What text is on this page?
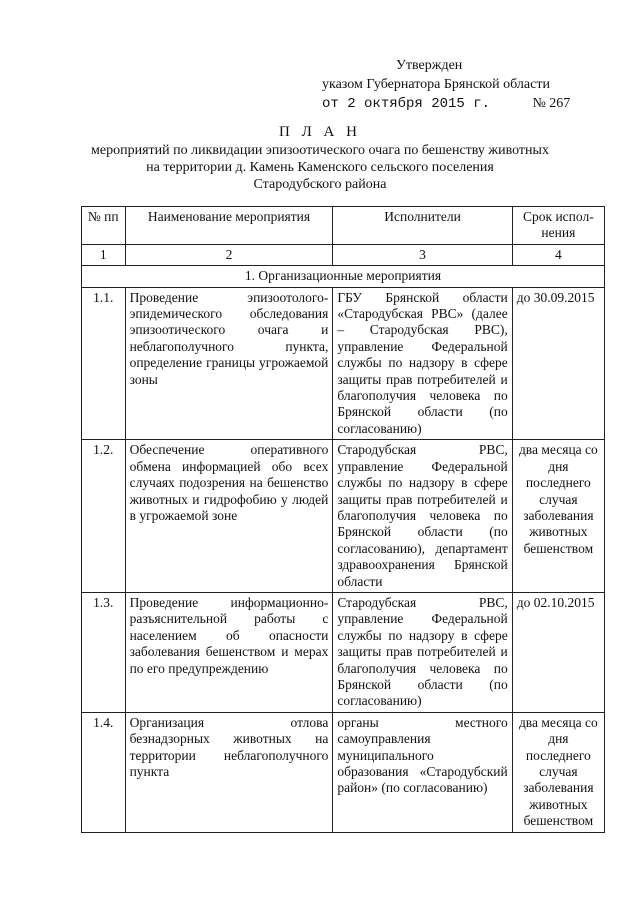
Утвержден
указом Губернатора Брянской области
от 2 октября 2015 г.	№ 267
П Л А Н
мероприятий по ликвидации эпизоотического очага по бешенству животных
на территории д. Камень Каменского сельского поселения
Стародубского района
№ пп	Наименование мероприятия	Исполнители	Срок испол-нения
1	2	3	4
1. Организационные мероприятия			
1.1.	Проведение эпизоотолого-эпидемического обследования эпизоотического очага и неблагополучного пункта, определение границы угрожаемой зоны	ГБУ Брянской области «Стародубская РВС» (далее – Стародубская РВС), управление Федеральной службы по надзору в сфере защиты прав потребителей и благополучия человека по Брянской области (по согласованию)	до 30.09.2015
1.2.	Обеспечение оперативного обмена информацией обо всех случаях подозрения на бешенство животных и гидрофобию у людей в угрожаемой зоне	Стародубская РВС, управление Федеральной службы по надзору в сфере защиты прав потребителей и благополучия человека по Брянской области (по согласованию), департамент здравоохранения Брянской области	два месяца со дня последнего случая заболевания животных бешенством
1.3.	Проведение информационно-разъяснительной работы с населением об опасности заболевания бешенством и мерах по его предупреждению	Стародубская РВС, управление Федеральной службы по надзору в сфере защиты прав потребителей и благополучия человека по Брянской области (по согласованию)	до 02.10.2015
1.4.	Организация отлова безнадзорных животных на территории неблагополучного пункта	органы местного самоуправления муниципального образования «Стародубский район» (по согласованию)	два месяца со дня последнего случая заболевания животных бешенством
